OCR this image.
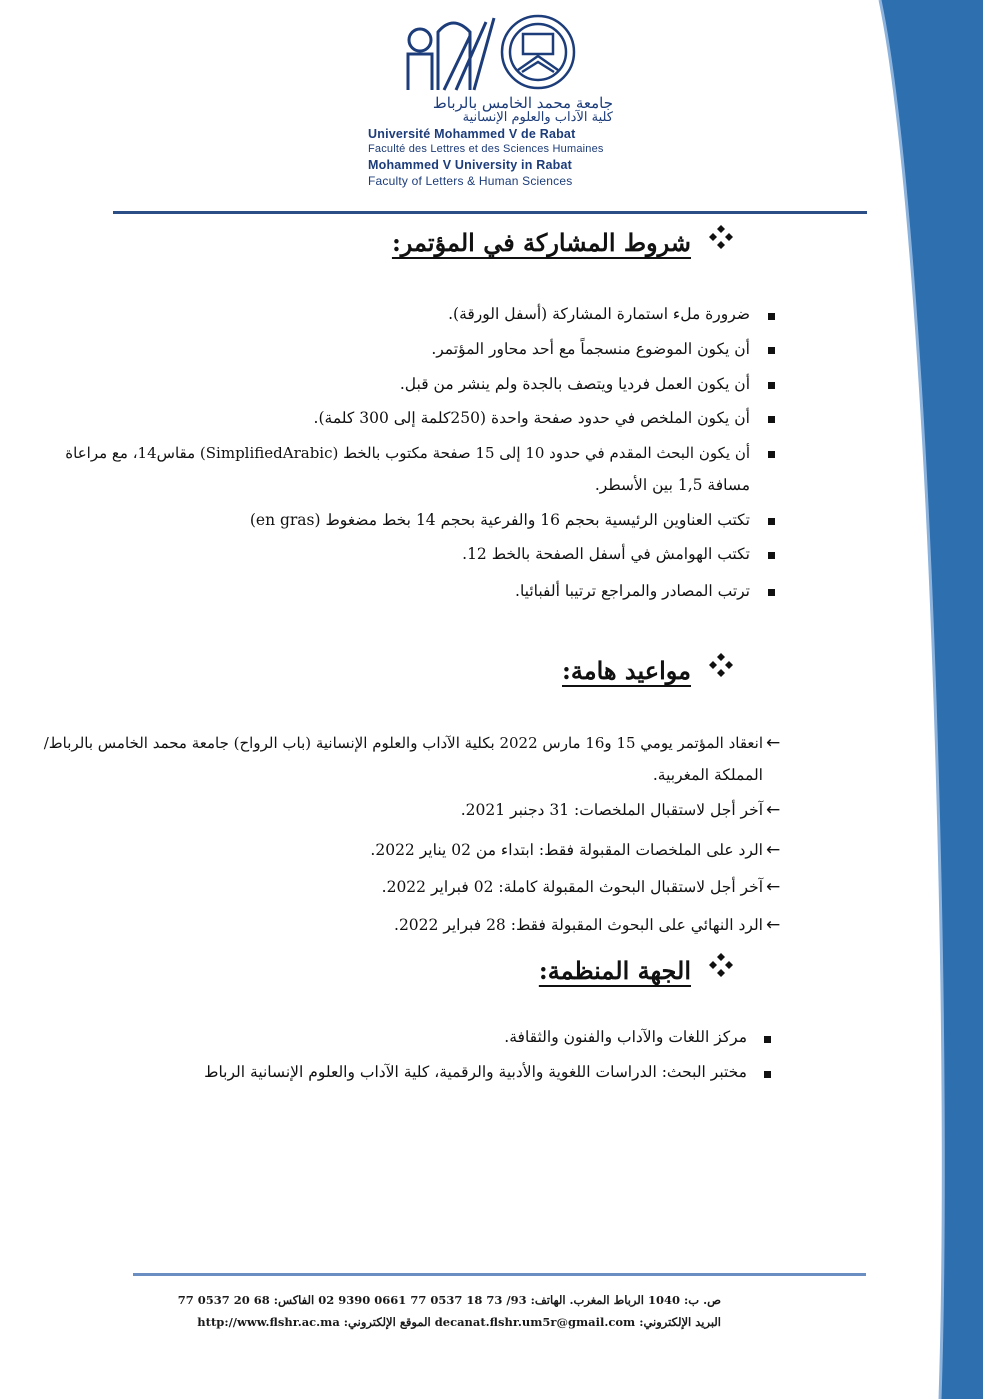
جامعة محمد الخامس بالرباط
كلية الآداب والعلوم الإنسانية
Université Mohammed V de Rabat
Faculté des Lettres et des Sciences Humaines
Mohammed V University in Rabat
Faculty of Letters & Human Sciences
شروط المشاركة في المؤتمر:
ضرورة ملء استمارة المشاركة (أسفل الورقة).
أن يكون الموضوع منسجماً مع أحد محاور المؤتمر.
أن يكون العمل فرديا ويتصف بالجدة ولم ينشر من قبل.
أن يكون الملخص في حدود صفحة واحدة (250كلمة إلى 300 كلمة).
أن يكون البحث المقدم في حدود 10 إلى 15 صفحة مكتوب بالخط (SimplifiedArabic) مقاس14، مع مراعاة
مسافة 1,5 بين الأسطر.
تكتب العناوين الرئيسية بحجم 16 والفرعية بحجم 14 بخط مضغوط (en gras)
تكتب الهوامش في أسفل الصفحة بالخط 12.
ترتب المصادر والمراجع ترتيبا ألفبائيا.
مواعيد هامة:
←
انعقاد المؤتمر يومي 15 و16 مارس 2022 بكلية الآداب والعلوم الإنسانية (باب الرواح) جامعة محمد الخامس بالرباط/
المملكة المغربية.
←
آخر أجل لاستقبال الملخصات: 31 دجنبر 2021.
←
الرد على الملخصات المقبولة فقط: ابتداء من 02 يناير 2022.
←
آخر أجل لاستقبال البحوث المقبولة كاملة: 02 فبراير 2022.
←
الرد النهائي على البحوث المقبولة فقط: 28 فبراير 2022.
الجهة المنظمة:
مركز اللغات والآداب والفنون والثقافة.
مختبر البحث: الدراسات اللغوية والأدبية والرقمية، كلية الآداب والعلوم الإنسانية الرباط
ص. ب: 1040 الرباط المغرب. الهاتف: 93/ 73 18 0537 77 0661 9390 02 الفاكس: 68 20 0537 77
البريد الإلكتروني: decanat.flshr.um5r@gmail.com الموقع الإلكتروني: http://www.flshr.ac.ma
